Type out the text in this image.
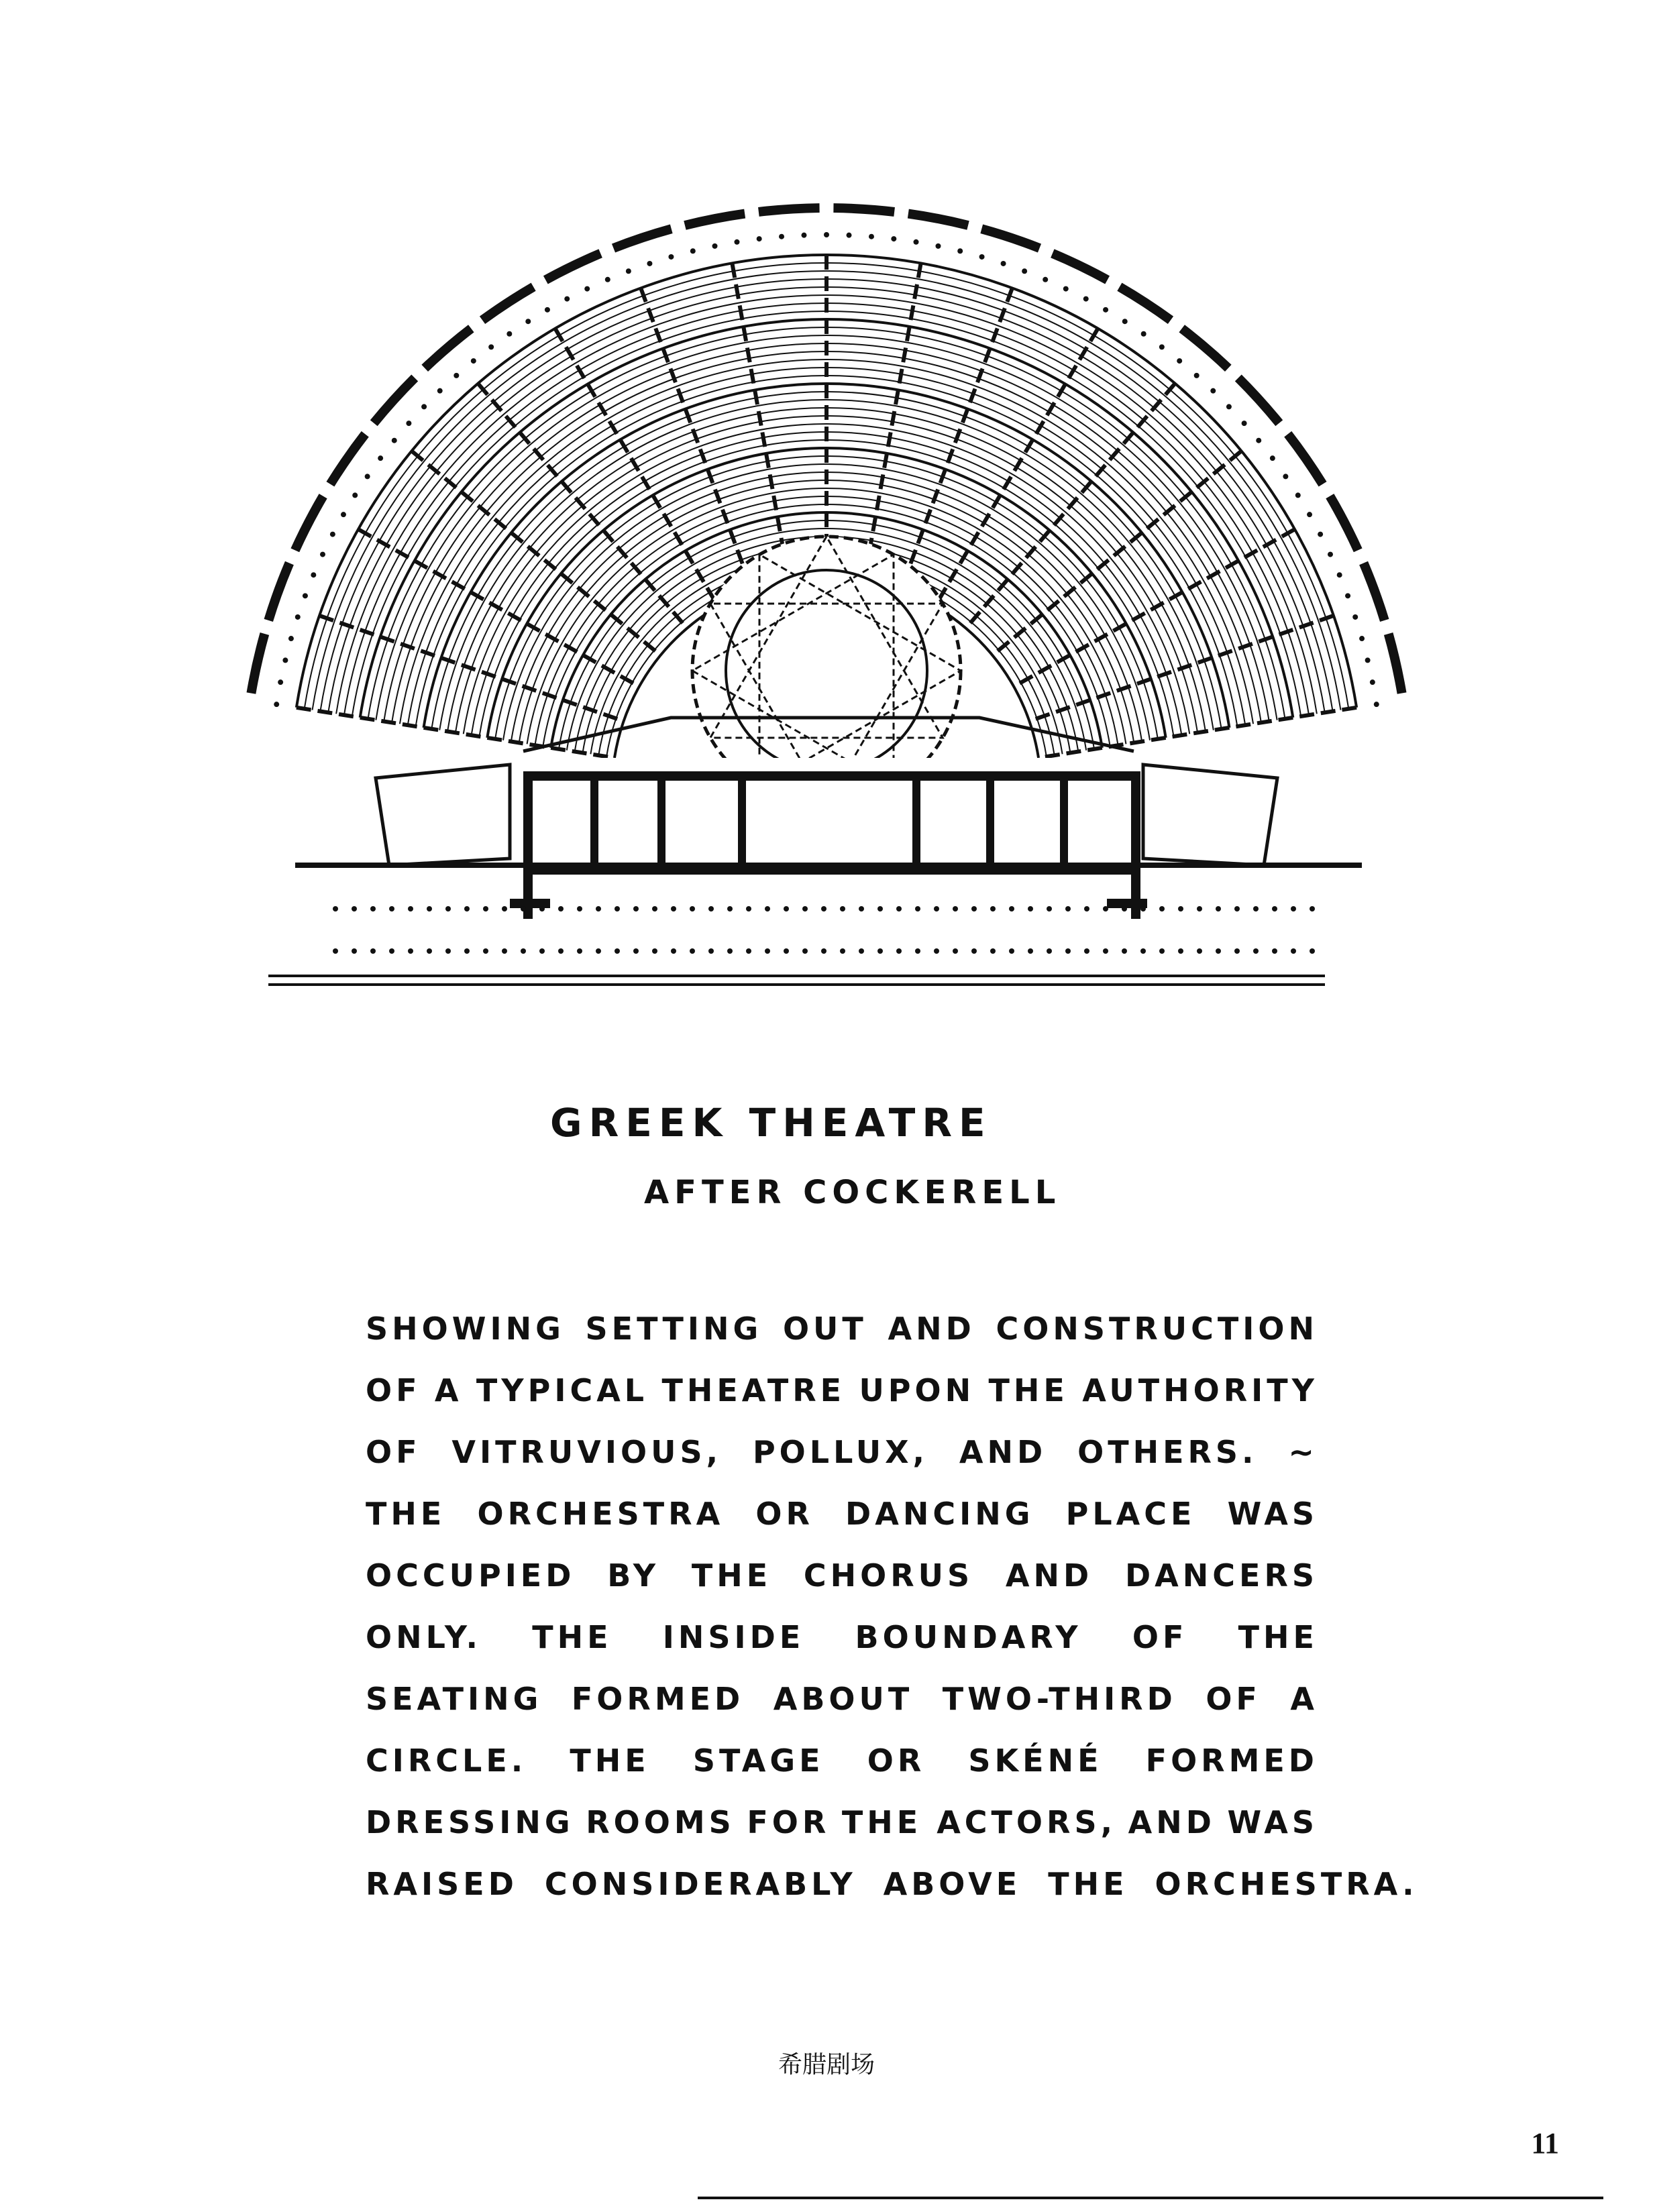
GREEK THEATRE
AFTER COCKERELL
SHOWING SETTING OUT AND CONSTRUCTION
OF A TYPICAL THEATRE UPON THE AUTHORITY
OF VITRUVIOUS, POLLUX, AND OTHERS. ~
THE ORCHESTRA OR DANCING PLACE WAS
OCCUPIED BY THE CHORUS AND DANCERS
ONLY. THE INSIDE BOUNDARY OF THE
SEATING FORMED ABOUT TWO-THIRD OF A
CIRCLE. THE STAGE OR SKÉNÉ FORMED
DRESSING ROOMS FOR THE ACTORS, AND WAS
RAISED CONSIDERABLY ABOVE THE ORCHESTRA.
希腊剧场
11
